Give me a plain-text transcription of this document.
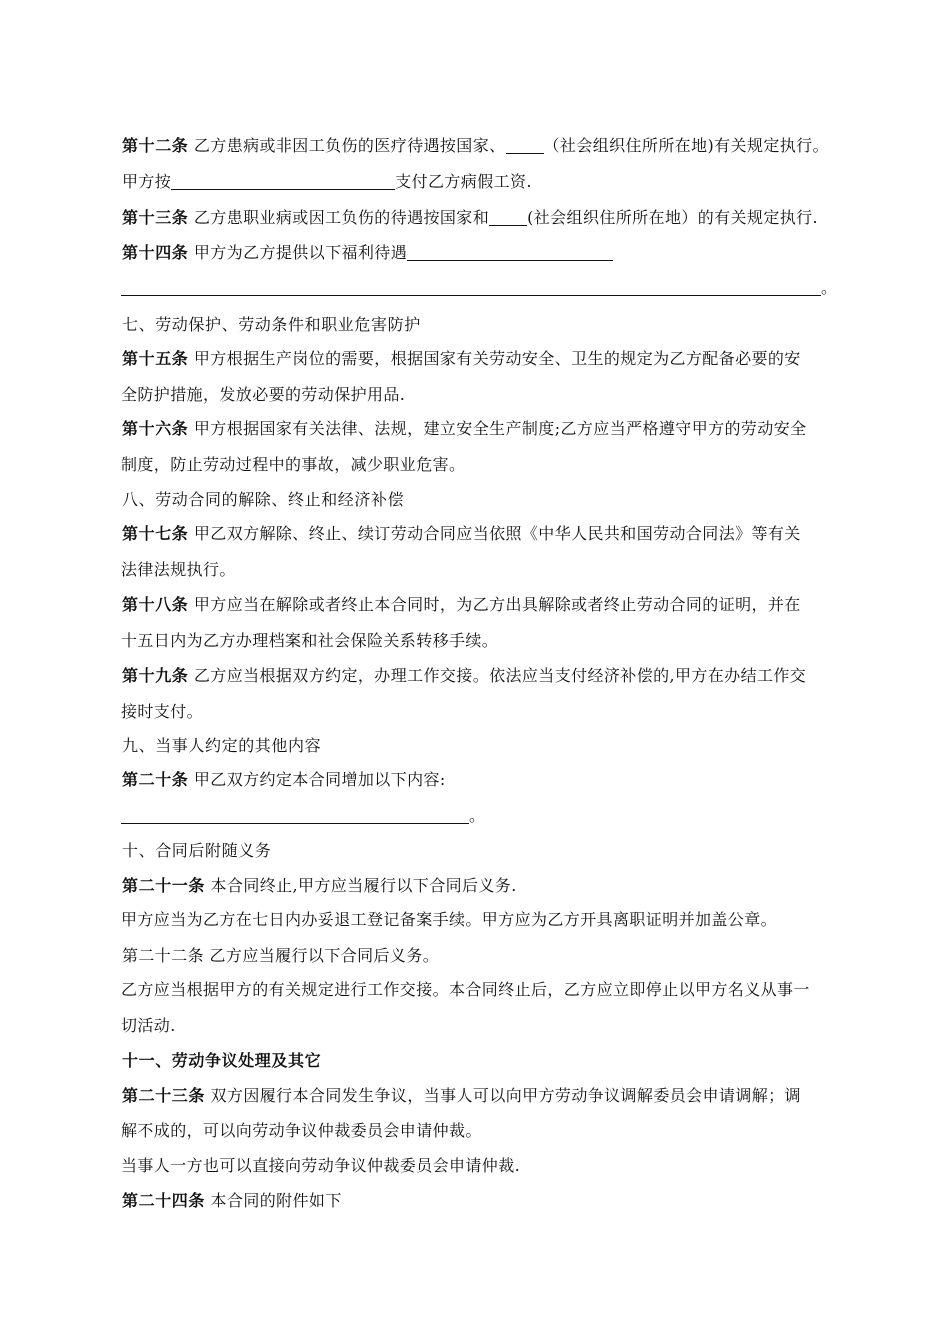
第十二条 乙方患病或非因工负伤的医疗待遇按国家、 （社会组织住所所在地)有关规定执行。
甲方按	支付乙方病假工资.
第十三条 乙方患职业病或因工负伤的待遇按国家和 (社会组织住所所在地）的有关规定执行.
第十四条 甲方为乙方提供以下福利待遇
。
七、劳动保护、劳动条件和职业危害防护
第十五条 甲方根据生产岗位的需要，根据国家有关劳动安全、卫生的规定为乙方配备必要的安
全防护措施，发放必要的劳动保护用品.
第十六条 甲方根据国家有关法律、法规，建立安全生产制度;乙方应当严格遵守甲方的劳动安全
制度，防止劳动过程中的事故，减少职业危害。
八、劳动合同的解除、终止和经济补偿
第十七条 甲乙双方解除、终止、续订劳动合同应当依照《中华人民共和国劳动合同法》等有关
法律法规执行。
第十八条 甲方应当在解除或者终止本合同时，为乙方出具解除或者终止劳动合同的证明，并在
十五日内为乙方办理档案和社会保险关系转移手续。
第十九条 乙方应当根据双方约定，办理工作交接。依法应当支付经济补偿的,甲方在办结工作交
接时支付。
九、当事人约定的其他内容
第二十条 甲乙双方约定本合同增加以下内容:
。
十、合同后附随义务
第二十一条 本合同终止,甲方应当履行以下合同后义务.
甲方应当为乙方在七日内办妥退工登记备案手续。甲方应为乙方开具离职证明并加盖公章。
第二十二条 乙方应当履行以下合同后义务。
乙方应当根据甲方的有关规定进行工作交接。本合同终止后，乙方应立即停止以甲方名义从事一
切活动.
十一、劳动争议处理及其它
第二十三条 双方因履行本合同发生争议，当事人可以向甲方劳动争议调解委员会申请调解；调
解不成的，可以向劳动争议仲裁委员会申请仲裁。
当事人一方也可以直接向劳动争议仲裁委员会申请仲裁.
第二十四条 本合同的附件如下
